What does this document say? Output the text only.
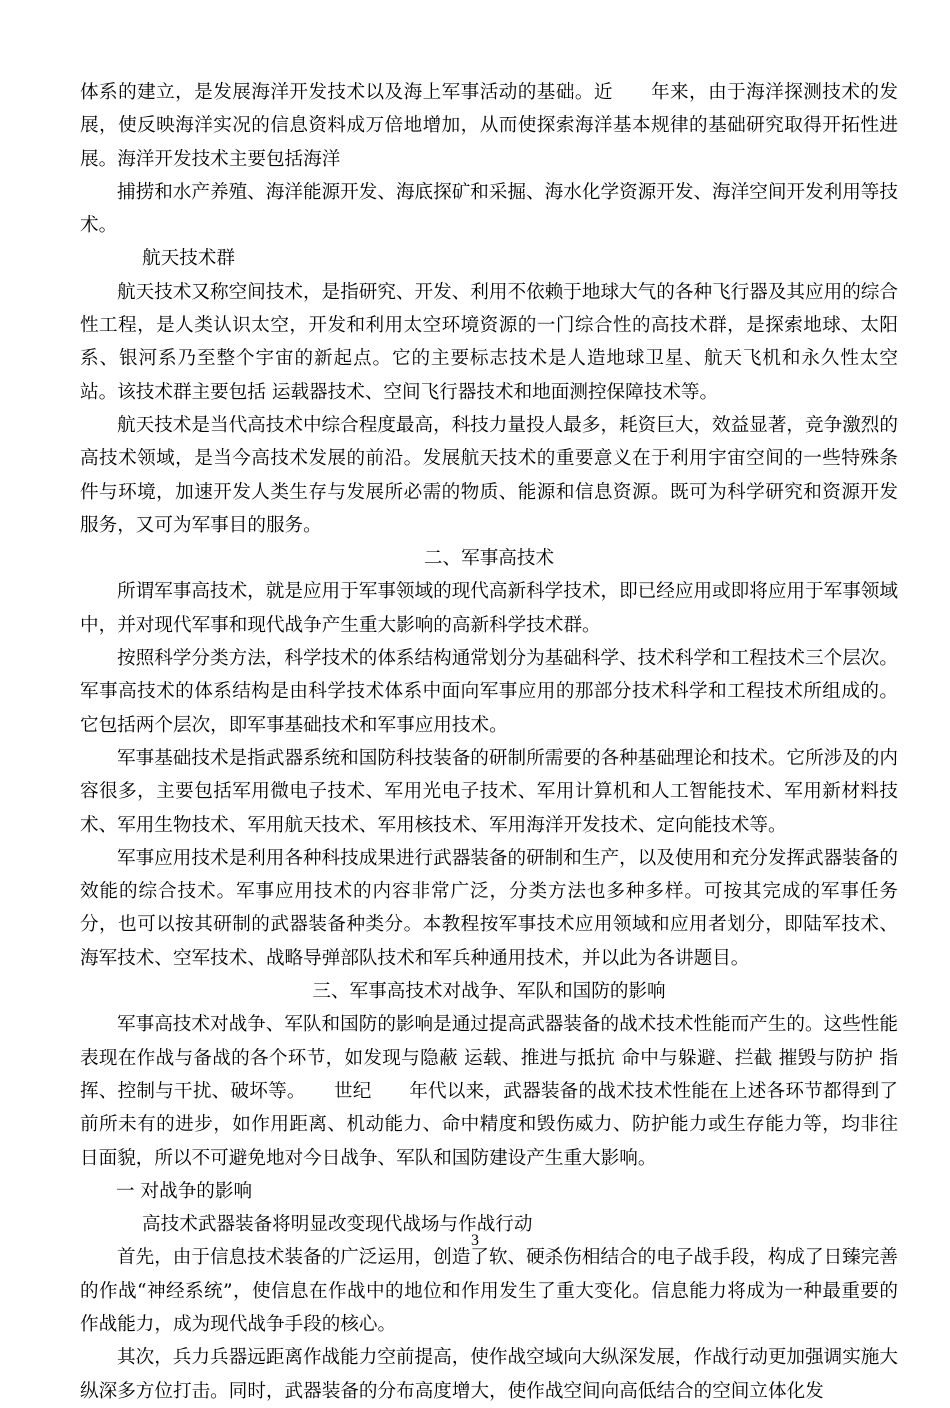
体系的建立，是发展海洋开发技术以及海上军事活动的基础。近　　年来，由于海洋探测技术的发展，使反映海洋实况的信息资料成万倍地增加，从而使探索海洋基本规律的基础研究取得开拓性进展。海洋开发技术主要包括海洋

捕捞和水产养殖、海洋能源开发、海底探矿和采掘、海水化学资源开发、海洋空间开发利用等技术。

航天技术群

航天技术又称空间技术，是指研究、开发、利用不依赖于地球大气的各种飞行器及其应用的综合性工程，是人类认识太空，开发和利用太空环境资源的一门综合性的高技术群，是探索地球、太阳系、银河系乃至整个宇宙的新起点。它的主要标志技术是人造地球卫星、航天飞机和永久性太空站。该技术群主要包括 运载器技术、空间飞行器技术和地面测控保障技术等。

航天技术是当代高技术中综合程度最高，科技力量投人最多，耗资巨大，效益显著，竞争激烈的高技术领域，是当今高技术发展的前沿。发展航天技术的重要意义在于利用宇宙空间的一些特殊条件与环境，加速开发人类生存与发展所必需的物质、能源和信息资源。既可为科学研究和资源开发服务，又可为军事目的服务。

二、军事高技术

所谓军事高技术，就是应用于军事领域的现代高新科学技术，即已经应用或即将应用于军事领域中，并对现代军事和现代战争产生重大影响的高新科学技术群。

按照科学分类方法，科学技术的体系结构通常划分为基础科学、技术科学和工程技术三个层次。军事高技术的体系结构是由科学技术体系中面向军事应用的那部分技术科学和工程技术所组成的。它包括两个层次，即军事基础技术和军事应用技术。

军事基础技术是指武器系统和国防科技装备的研制所需要的各种基础理论和技术。它所涉及的内容很多，主要包括军用微电子技术、军用光电子技术、军用计算机和人工智能技术、军用新材料技术、军用生物技术、军用航天技术、军用核技术、军用海洋开发技术、定向能技术等。

军事应用技术是利用各种科技成果进行武器装备的研制和生产，以及使用和充分发挥武器装备的效能的综合技术。军事应用技术的内容非常广泛，分类方法也多种多样。可按其完成的军事任务分，也可以按其研制的武器装备种类分。本教程按军事技术应用领域和应用者划分，即陆军技术、海军技术、空军技术、战略导弹部队技术和军兵种通用技术，并以此为各讲题目。

三、军事高技术对战争、军队和国防的影响

军事高技术对战争、军队和国防的影响是通过提高武器装备的战术技术性能而产生的。这些性能表现在作战与备战的各个环节，如发现与隐蔽 运载、推进与抵抗 命中与躲避、拦截 摧毁与防护 指挥、控制与干扰、破坏等。　　世纪　　年代以来，武器装备的战术技术性能在上述各环节都得到了前所未有的进步，如作用距离、机动能力、命中精度和毁伤威力、防护能力或生存能力等，均非往日面貌，所以不可避免地对今日战争、军队和国防建设产生重大影响。

一 对战争的影响

高技术武器装备将明显改变现代战场与作战行动

首先，由于信息技术装备的广泛运用，创造了软、硬杀伤相结合的电子战手段，构成了日臻完善的作战“神经系统”，使信息在作战中的地位和作用发生了重大变化。信息能力将成为一种最重要的作战能力，成为现代战争手段的核心。

其次，兵力兵器远距离作战能力空前提高，使作战空域向大纵深发展，作战行动更加强调实施大纵深多方位打击。同时，武器装备的分布高度增大，使作战空间向高低结合的空间立体化发

3
